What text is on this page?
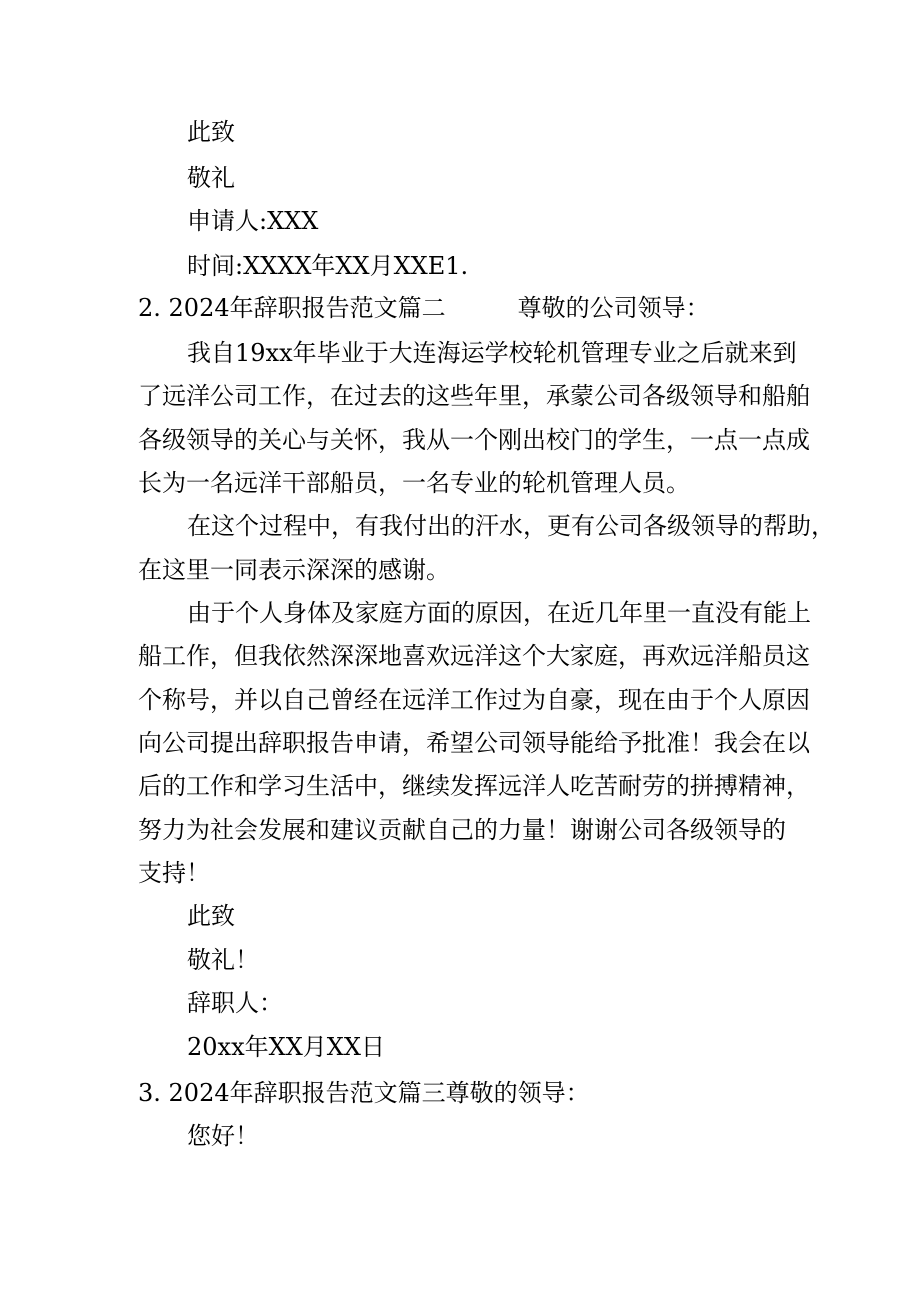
此致
敬礼
申请人:XXX
时间:XXXX年XX月XXE1.
2. 2024年辞职报告范文篇二	尊敬的公司领导：
我自19xx年毕业于大连海运学校轮机管理专业之后就来到
了远洋公司工作，在过去的这些年里，承蒙公司各级领导和船舶
各级领导的关心与关怀，我从一个刚出校门的学生，一点一点成
长为一名远洋干部船员，一名专业的轮机管理人员。
在这个过程中，有我付出的汗水，更有公司各级领导的帮助，
在这里一同表示深深的感谢。
由于个人身体及家庭方面的原因，在近几年里一直没有能上
船工作，但我依然深深地喜欢远洋这个大家庭，再欢远洋船员这
个称号，并以自己曾经在远洋工作过为自豪，现在由于个人原因
向公司提出辞职报告申请，希望公司领导能给予批准！我会在以
后的工作和学习生活中，继续发挥远洋人吃苦耐劳的拼搏精神，
努力为社会发展和建议贡献自己的力量！谢谢公司各级领导的
支持！
此致
敬礼！
辞职人：
20xx年XX月XX日
3. 2024年辞职报告范文篇三尊敬的领导：
您好！
